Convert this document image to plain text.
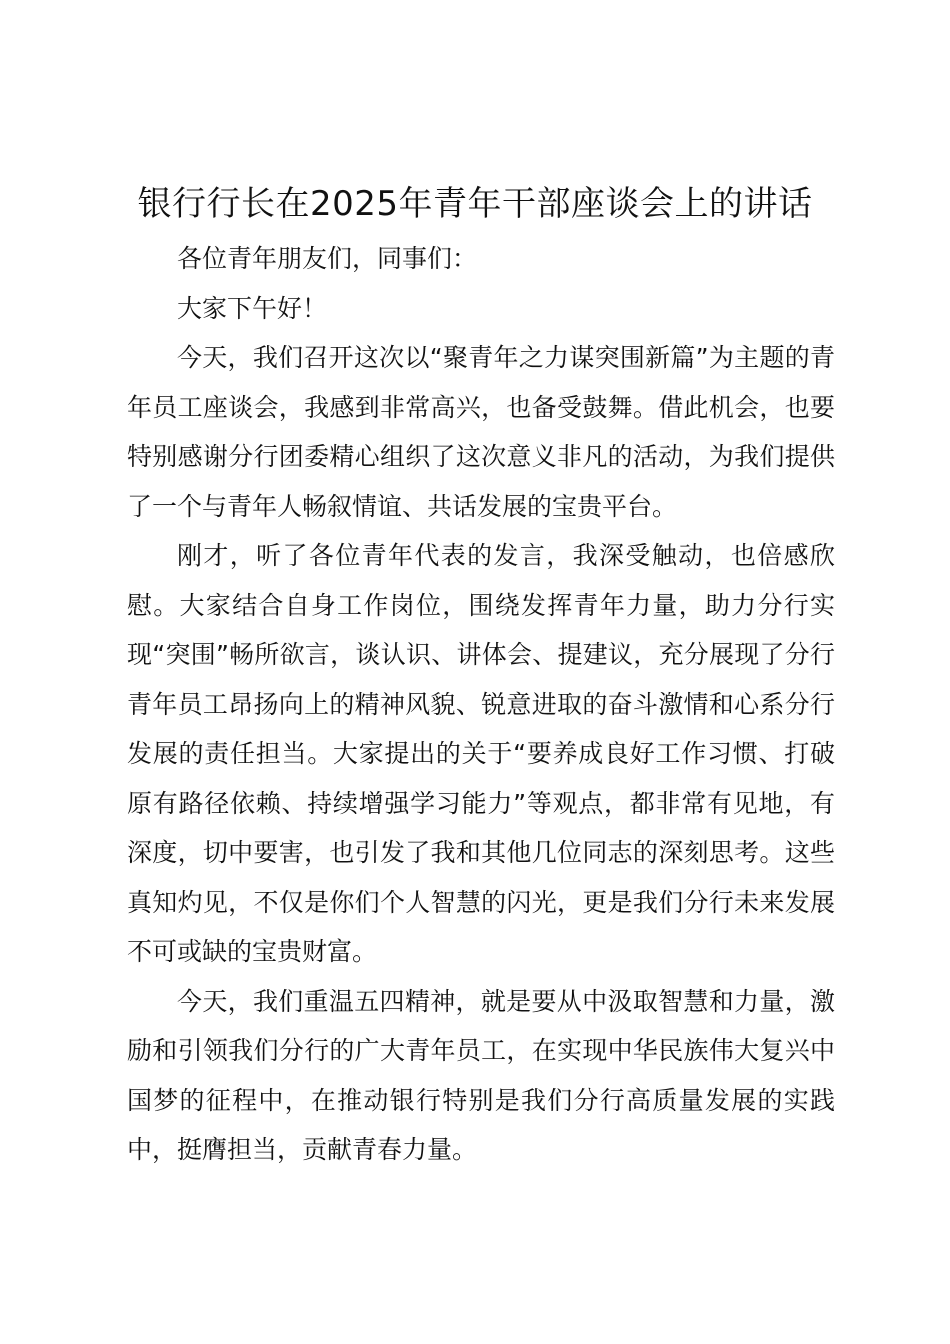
银行行长在2025年青年干部座谈会上的讲话

各位青年朋友们，同事们：

大家下午好！

今天，我们召开这次以“聚青年之力谋突围新篇”为主题的青年员工座谈会，我感到非常高兴，也备受鼓舞。借此机会，也要特别感谢分行团委精心组织了这次意义非凡的活动，为我们提供了一个与青年人畅叙情谊、共话发展的宝贵平台。

刚才，听了各位青年代表的发言，我深受触动，也倍感欣慰。大家结合自身工作岗位，围绕发挥青年力量，助力分行实现“突围”畅所欲言，谈认识、讲体会、提建议，充分展现了分行青年员工昂扬向上的精神风貌、锐意进取的奋斗激情和心系分行发展的责任担当。大家提出的关于“要养成良好工作习惯、打破原有路径依赖、持续增强学习能力”等观点，都非常有见地，有深度，切中要害，也引发了我和其他几位同志的深刻思考。这些真知灼见，不仅是你们个人智慧的闪光，更是我们分行未来发展不可或缺的宝贵财富。

今天，我们重温五四精神，就是要从中汲取智慧和力量，激励和引领我们分行的广大青年员工，在实现中华民族伟大复兴中国梦的征程中，在推动银行特别是我们分行高质量发展的实践中，挺膺担当，贡献青春力量。
